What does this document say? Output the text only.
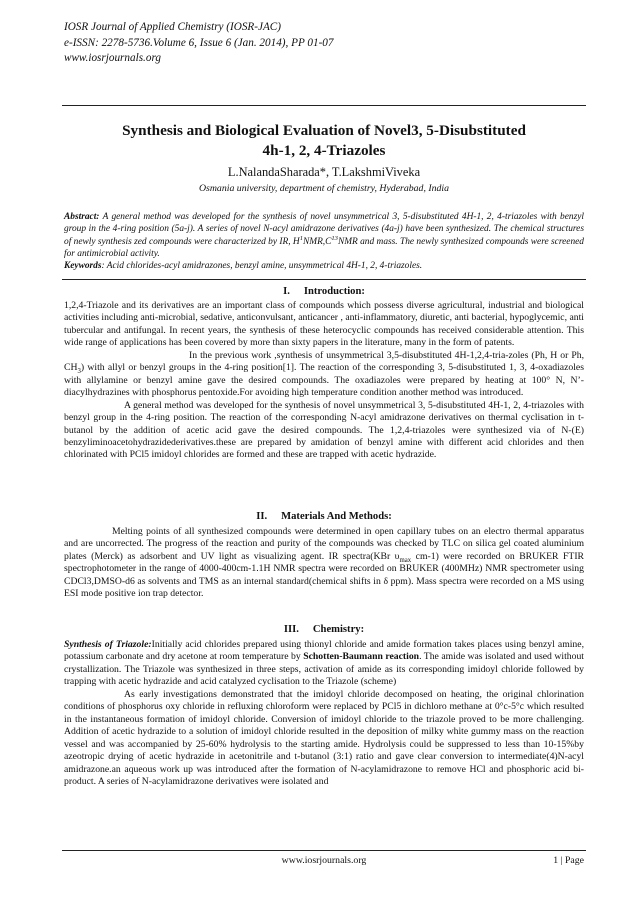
IOSR Journal of Applied Chemistry (IOSR-JAC)
e-ISSN: 2278-5736.Volume 6, Issue 6 (Jan. 2014), PP 01-07
www.iosrjournals.org
Synthesis and Biological Evaluation of Novel3, 5-Disubstituted
4h-1, 2, 4-Triazoles
L.NalandaSharada*, T.LakshmiViveka
Osmania university, department of chemistry, Hyderabad, India
Abstract: A general method was developed for the synthesis of novel unsymmetrical 3, 5-disubstituted 4H-1, 2, 4-triazoles with benzyl group in the 4-ring position (5a-j). A series of novel N-acyl amidrazone derivatives (4a-j) have been synthesized. The chemical structures of newly synthesis zed compounds were characterized by IR, $H^1NMR,C^{13}NMR$ and mass. The newly synthesized compounds were screened for antimicrobial activity.
Keywords: Acid chlorides-acyl amidrazones, benzyl amine, unsymmetrical 4H-1, 2, 4-triazoles.
I. Introduction:

1,2,4-Triazole and its derivatives are an important class of compounds which possess diverse agricultural, industrial and biological activities including anti-microbial, sedative, anticonvulsant, anticancer , anti-inflammatory, diuretic, anti bacterial, hypoglycemic, anti tubercular and antifungal. In recent years, the synthesis of these heterocyclic compounds has received considerable attention. This wide range of applications has been covered by more than sixty papers in the literature, many in the form of patents.

In the previous work ,synthesis of unsymmetrical 3,5-disubstituted 4H-1,2,4-tria-zoles (Ph, H or Ph, $CH_3$) with allyl or benzyl groups in the 4-ring position[1]. The reaction of the corresponding 3, 5-disubstituted 1, 3, 4-oxadiazoles with allylamine or benzyl amine gave the desired compounds. The oxadiazoles were prepared by heating at 100° N, N’-diacylhydrazines with phosphorus pentoxide.For avoiding high temperature condition another method was introduced.

A general method was developed for the synthesis of novel unsymmetrical 3, 5-disubstituted 4H-1, 2, 4-triazoles with benzyl group in the 4-ring position. The reaction of the corresponding N-acyl amidrazone derivatives on thermal cyclisation in t-butanol by the addition of acetic acid gave the desired compounds. The 1,2,4-triazoles were synthesized via of N-(E) benzyliminoacetohydrazidederivatives.these are prepared by amidation of benzyl amine with different acid chlorides and then chlorinated with PCl5 imidoyl chlorides are formed and these are trapped with acetic hydrazide.

II. Materials And Methods:

Melting points of all synthesized compounds were determined in open capillary tubes on an electro thermal apparatus and are uncorrected. The progress of the reaction and purity of the compounds was checked by TLC on silica gel coated aluminium plates (Merck) as adsorbent and UV light as visualizing agent. IR spectra(KBr $\upsilon_{max}$ cm-1) were recorded on BRUKER FTIR spectrophotometer in the range of 4000-400cm-1.1H NMR spectra were recorded on BRUKER (400MHz) NMR spectrometer using CDCl3,DMSO-d6 as solvents and TMS as an internal standard(chemical shifts in δ ppm). Mass spectra were recorded on a MS using ESI mode positive ion trap detector.

III. Chemistry:

Synthesis of Triazole:Initially acid chlorides prepared using thionyl chloride and amide formation takes places using benzyl amine, potassium carbonate and dry acetone at room temperature by Schotten-Baumann reaction. The amide was isolated and used without crystallization. The Triazole was synthesized in three steps, activation of amide as its corresponding imidoyl chloride followed by trapping with acetic hydrazide and acid catalyzed cyclisation to the Triazole (scheme)

As early investigations demonstrated that the imidoyl chloride decomposed on heating, the original chlorination conditions of phosphorus oxy chloride in refluxing chloroform were replaced by PCl5 in dichloro methane at 0°c-5°c which resulted in the instantaneous formation of imidoyl chloride. Conversion of imidoyl chloride to the triazole proved to be more challenging. Addition of acetic hydrazide to a solution of imidoyl chloride resulted in the deposition of milky white gummy mass on the reaction vessel and was accompanied by 25-60% hydrolysis to the starting amide. Hydrolysis could be suppressed to less than 10-15%by azeotropic drying of acetic hydrazide in acetonitrile and t-butanol (3:1) ratio and gave clear conversion to intermediate(4)N-acyl amidrazone.an aqueous work up was introduced after the formation of N-acylamidrazone to remove HCl and phosphoric acid bi-product. A series of N-acylamidrazone derivatives were isolated and

www.iosrjournals.org	1 | Page
